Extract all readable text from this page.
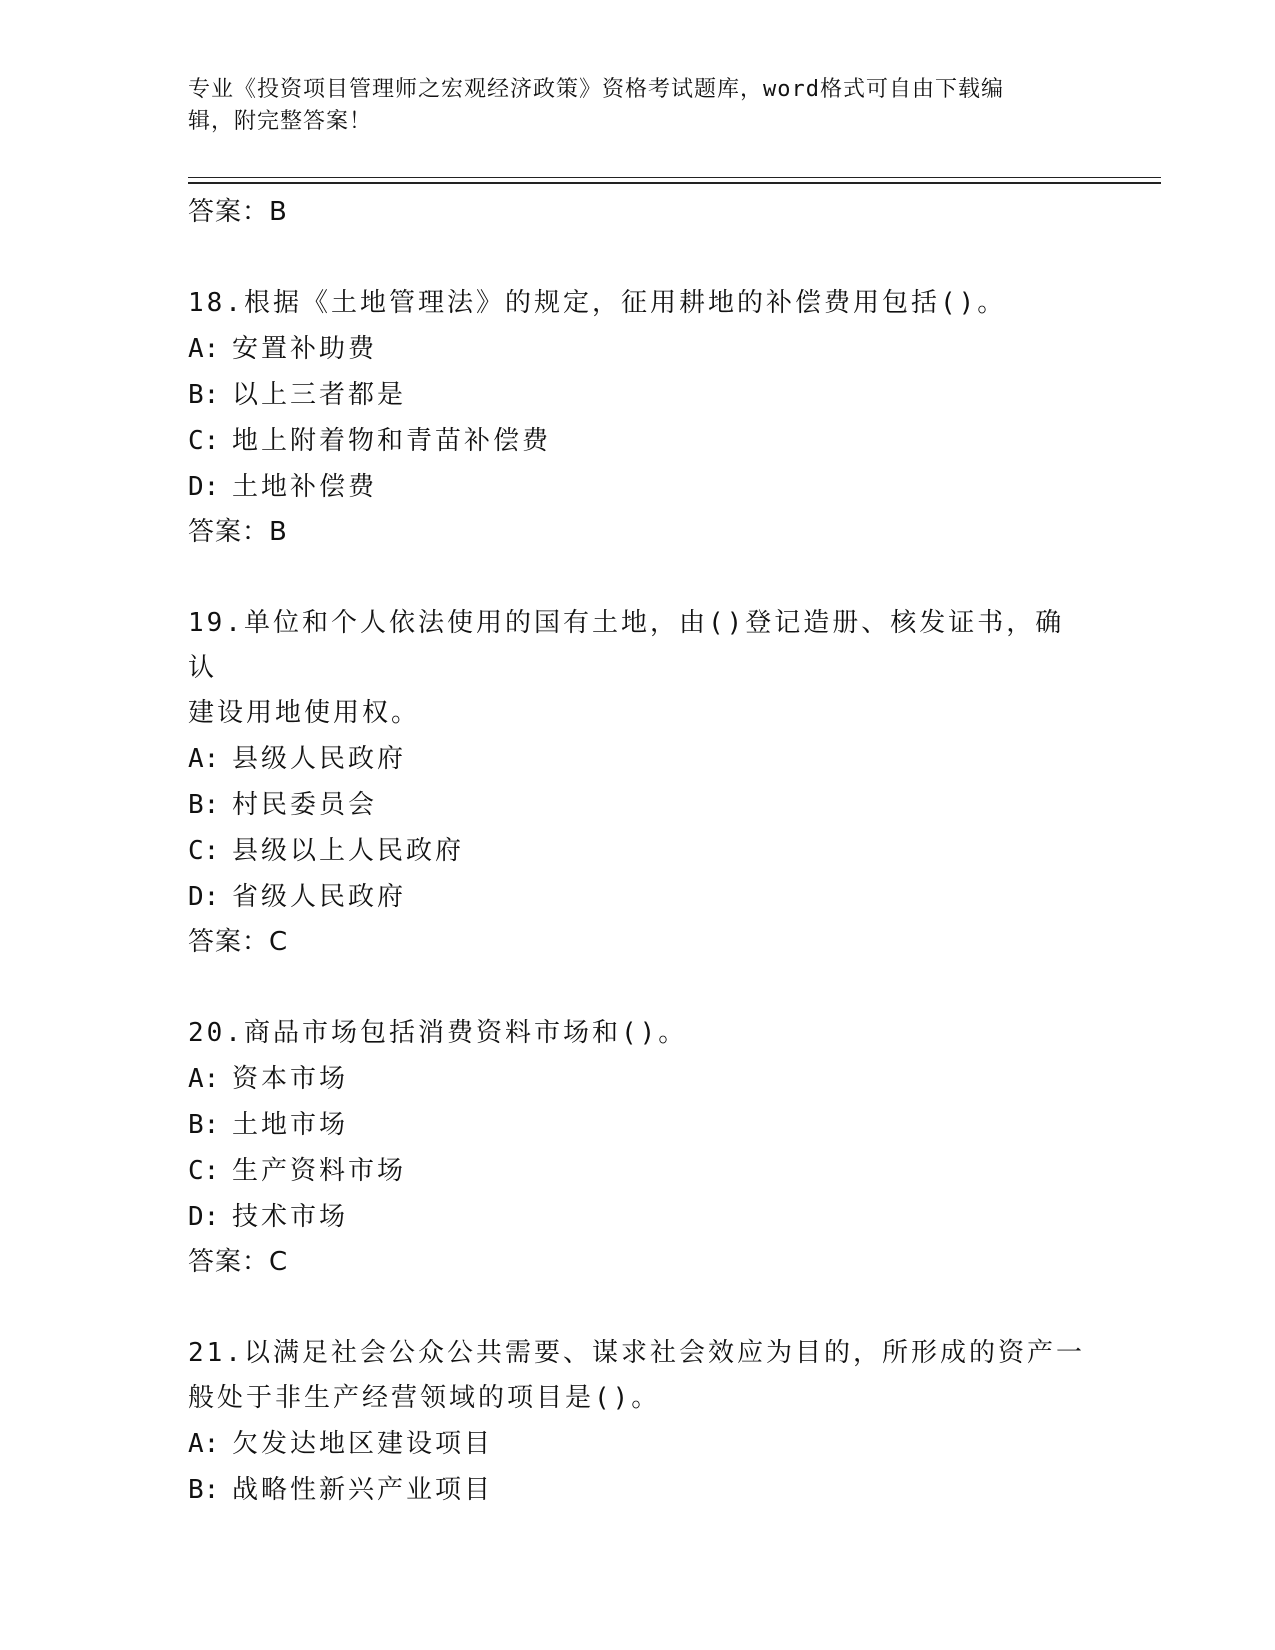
专业《投资项目管理师之宏观经济政策》资格考试题库，word格式可自由下载编
辑，附完整答案！
答案：B
18.根据《土地管理法》的规定，征用耕地的补偿费用包括()。
A: 安置补助费
B: 以上三者都是
C: 地上附着物和青苗补偿费
D: 土地补偿费
答案：B
19.单位和个人依法使用的国有土地，由()登记造册、核发证书，确认
建设用地使用权。
A: 县级人民政府
B: 村民委员会
C: 县级以上人民政府
D: 省级人民政府
答案：C
20.商品市场包括消费资料市场和()。
A: 资本市场
B: 土地市场
C: 生产资料市场
D: 技术市场
答案：C
21.以满足社会公众公共需要、谋求社会效应为目的，所形成的资产一
般处于非生产经营领域的项目是()。
A: 欠发达地区建设项目
B: 战略性新兴产业项目
